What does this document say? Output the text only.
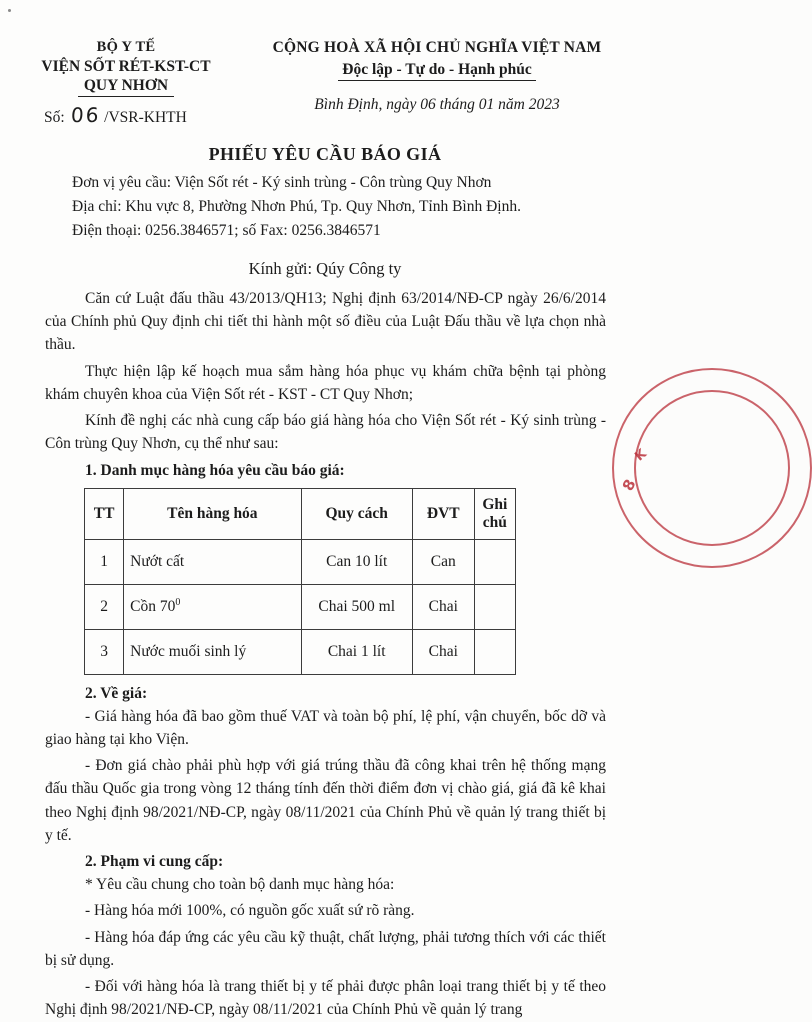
BỘ Y TẾ
VIỆN SỐT RÉT-KST-CT
QUY NHƠN
Số: 06 /VSR-KHTH
CỘNG HOÀ XÃ HỘI CHỦ NGHĨA VIỆT NAM
Độc lập - Tự do - Hạnh phúc
Bình Định, ngày 06 tháng 01 năm 2023
PHIẾU YÊU CẦU BÁO GIÁ
Đơn vị yêu cầu: Viện Sốt rét - Ký sinh trùng - Côn trùng Quy Nhơn
Địa chỉ: Khu vực 8, Phường Nhơn Phú, Tp. Quy Nhơn, Tỉnh Bình Định.
Điện thoại: 0256.3846571; số Fax: 0256.3846571
Kính gửi: Qúy Công ty

Căn cứ Luật đấu thầu 43/2013/QH13; Nghị định 63/2014/NĐ-CP ngày 26/6/2014 của Chính phủ Quy định chi tiết thi hành một số điều của Luật Đấu thầu về lựa chọn nhà thầu.

Thực hiện lập kế hoạch mua sắm hàng hóa phục vụ khám chữa bệnh tại phòng khám chuyên khoa của Viện Sốt rét - KST - CT Quy Nhơn;

Kính đề nghị các nhà cung cấp báo giá hàng hóa cho Viện Sốt rét - Ký sinh trùng - Côn trùng Quy Nhơn, cụ thể như sau:

1. Danh mục hàng hóa yêu cầu báo giá:
TT	Tên hàng hóa	Quy cách	ĐVT	Ghi chú
1	Nướt cất	Can 10 lít	Can	
2	Cồn $70^0$	Chai 500 ml	Chai	
3	Nước muối sinh lý	Chai 1 lít	Chai	
2. Về giá:
- Giá hàng hóa đã bao gồm thuế VAT và toàn bộ phí, lệ phí, vận chuyển, bốc dỡ và giao hàng tại kho Viện.
- Đơn giá chào phải phù hợp với giá trúng thầu đã công khai trên hệ thống mạng đấu thầu Quốc gia trong vòng 12 tháng tính đến thời điểm đơn vị chào giá, giá đã kê khai theo Nghị định 98/2021/NĐ-CP, ngày 08/11/2021 của Chính Phủ về quản lý trang thiết bị y tế.
2. Phạm vi cung cấp:
* Yêu cầu chung cho toàn bộ danh mục hàng hóa:
- Hàng hóa mới 100%, có nguồn gốc xuất sứ rõ ràng.
- Hàng hóa đáp ứng các yêu cầu kỹ thuật, chất lượng, phải tương thích với các thiết bị sử dụng.
- Đối với hàng hóa là trang thiết bị y tế phải được phân loại trang thiết bị y tế theo Nghị định 98/2021/NĐ-CP, ngày 08/11/2021 của Chính Phủ về quản lý trang
K
8
